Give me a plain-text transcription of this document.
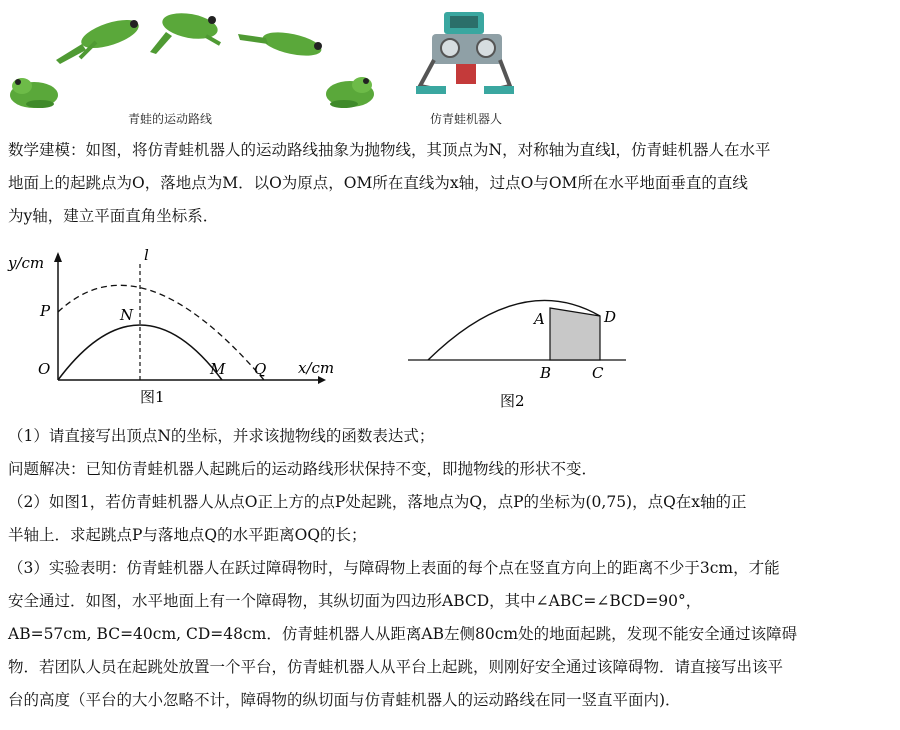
青蛙的运动路线	仿青蛙机器人
数学建模：如图，将仿青蛙机器人的运动路线抽象为抛物线，其顶点为N，对称轴为直线l，仿青蛙机器人在水平
地面上的起跳点为O，落地点为M．以O为原点，OM所在直线为x轴，过点O与OM所在水平地面垂直的直线
为y轴，建立平面直角坐标系．
y/cm
x/cm
l
P	N
O	M Q
图1
A	D
B	C
图2
（1）请直接写出顶点N的坐标，并求该抛物线的函数表达式；
问题解决：已知仿青蛙机器人起跳后的运动路线形状保持不变，即抛物线的形状不变．
（2）如图1，若仿青蛙机器人从点O正上方的点P处起跳，落地点为Q，点P的坐标为(0,75)，点Q在x轴的正
半轴上．求起跳点P与落地点Q的水平距离OQ的长；
（3）实验表明：仿青蛙机器人在跃过障碍物时，与障碍物上表面的每个点在竖直方向上的距离不少于3cm，才能
安全通过．如图，水平地面上有一个障碍物，其纵切面为四边形ABCD，其中∠ABC=∠BCD=90°，
AB=57cm, BC=40cm, CD=48cm．仿青蛙机器人从距离AB左侧80cm处的地面起跳，发现不能安全通过该障碍
物．若团队人员在起跳处放置一个平台，仿青蛙机器人从平台上起跳，则刚好安全通过该障碍物．请直接写出该平
台的高度（平台的大小忽略不计，障碍物的纵切面与仿青蛙机器人的运动路线在同一竖直平面内)．
